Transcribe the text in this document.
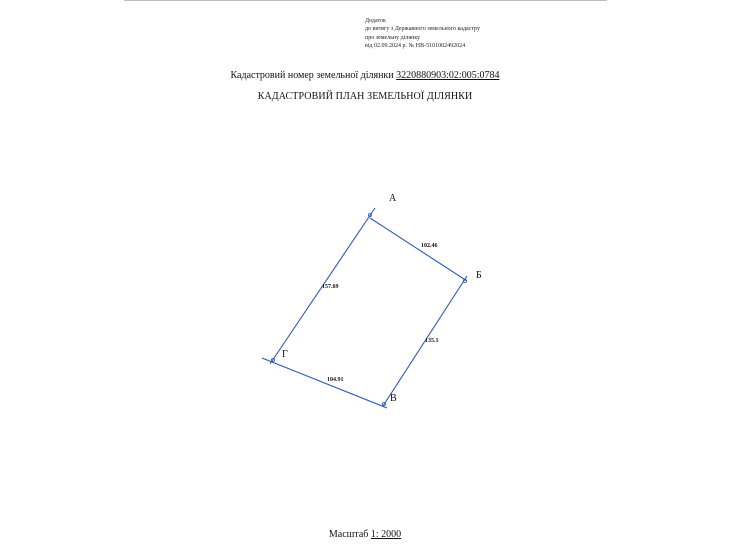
Додаток
до витягу з Державного земельного кадастру
про земельну ділянку
від 02.09.2024 р. № НВ-5101002492024
Кадастровий номер земельної ділянки 3220880903:02:005:0784
КАДАСТРОВИЙ ПЛАН ЗЕМЕЛЬНОЇ ДІЛЯНКИ
А
Б
В
Г
102.46
135.1
104.91
157.69
Масштаб 1: 2000
